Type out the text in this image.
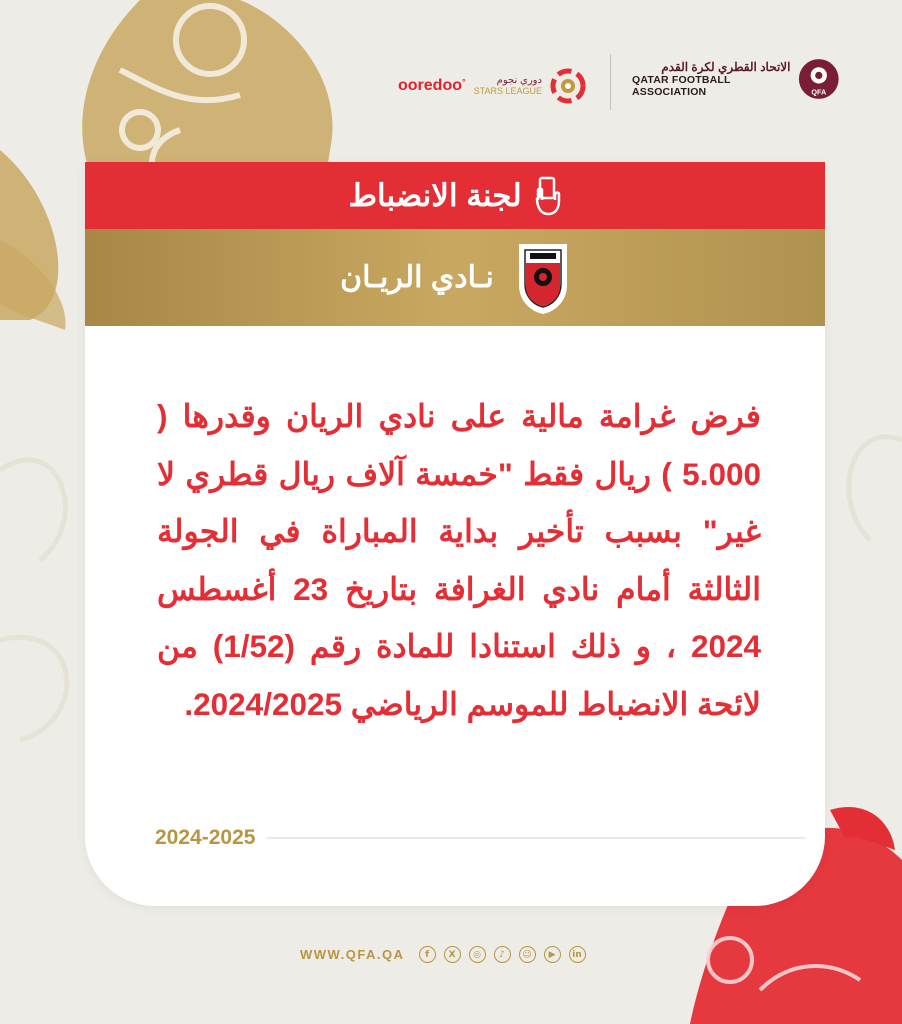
ooredoo°	دوري نجوم
STARS LEAGUE
الاتحاد القطري لكرة القدم
QATAR FOOTBALL ASSOCIATION	QFA
لجنة الانضباط
نـادي الريـان
فرض غرامة مالية على نادي الريان وقدرها ( 5.000 ) ريال فقط "خمسة آلاف ريال قطري لا غير" بسبب تأخير بداية المباراة في الجولة الثالثة أمام نادي الغرافة بتاريخ 23 أغسطس 2024 ، و ذلك استنادا للمادة رقم (1/52) من لائحة الانضباط للموسم الرياضي 2024/2025.
2024-2025
WWW.QFA.QA	f	X	◎	♪	☺	▶	in
